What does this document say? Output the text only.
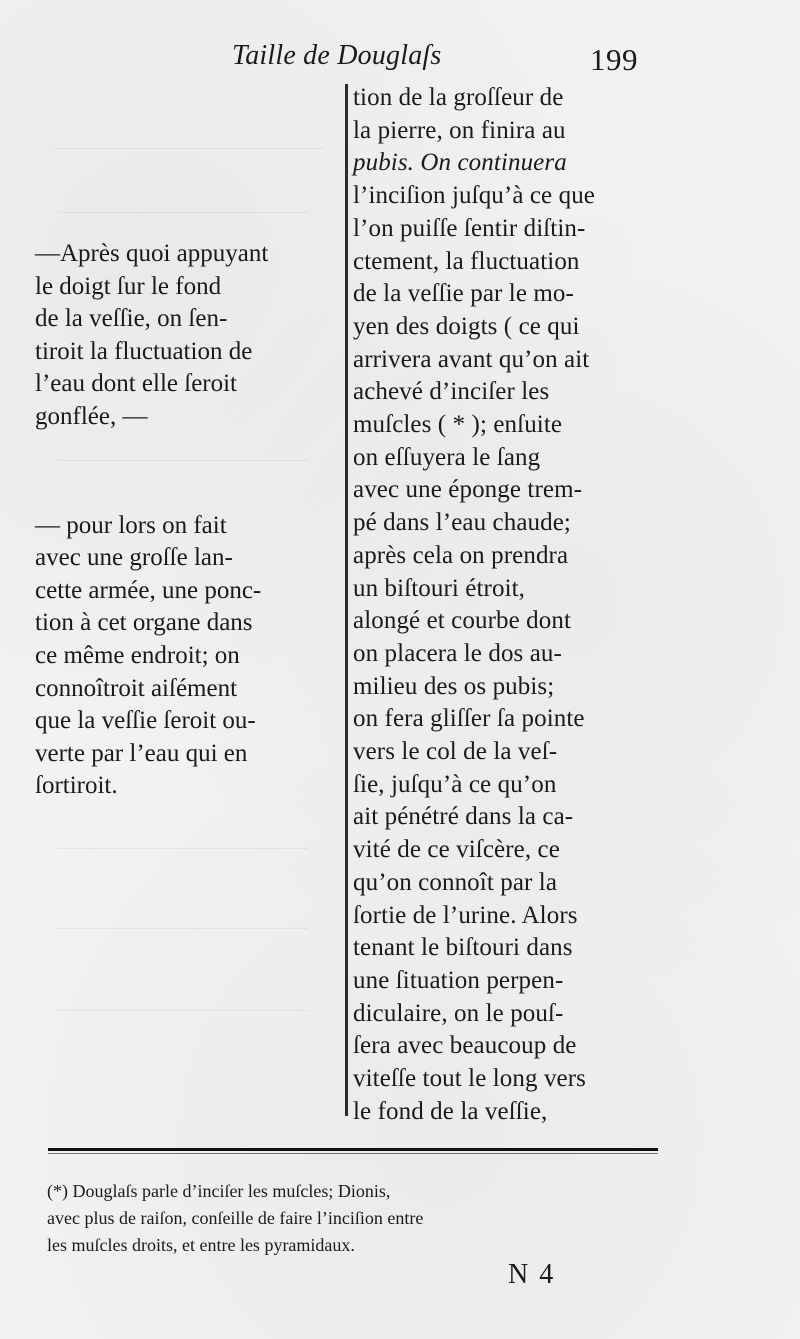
Taille de Douglaſs	199

—Après quoi appuyant
le doigt ſur le fond
de la veſſie, on ſen-
tiroit la fluctuation de
l’eau dont elle ſeroit
gonflée, —

— pour lors on fait
avec une groſſe lan-
cette armée, une ponc-
tion à cet organe dans
ce même endroit; on
connoîtroit aiſément
que la veſſie ſeroit ou-
verte par l’eau qui en
ſortiroit.

tion de la groſſeur de
la pierre, on finira au
pubis. On continuera
l’inciſion juſqu’à ce que
l’on puiſſe ſentir diſtin-
ctement, la fluctuation
de la veſſie par le mo-
yen des doigts ( ce qui
arrivera avant qu’on ait
achevé d’inciſer les
muſcles ( * ); enſuite
on eſſuyera le ſang
avec une éponge trem-
pé dans l’eau chaude;
après cela on prendra
un biſtouri étroit,
alongé et courbe dont
on placera le dos au-
milieu des os pubis;
on fera gliſſer ſa pointe
vers le col de la veſ-
ſie, juſqu’à ce qu’on
ait pénétré dans la ca-
vité de ce viſcère, ce
qu’on connoît par la
ſortie de l’urine. Alors
tenant le biſtouri dans
une ſituation perpen-
diculaire, on le pouſ-
ſera avec beaucoup de
viteſſe tout le long vers
le fond de la veſſie,
(*) Douglaſs parle d’inciſer les muſcles; Dionis,
avec plus de raiſon, conſeille de faire l’inciſion entre
les muſcles droits, et entre les pyramidaux.
N 4
